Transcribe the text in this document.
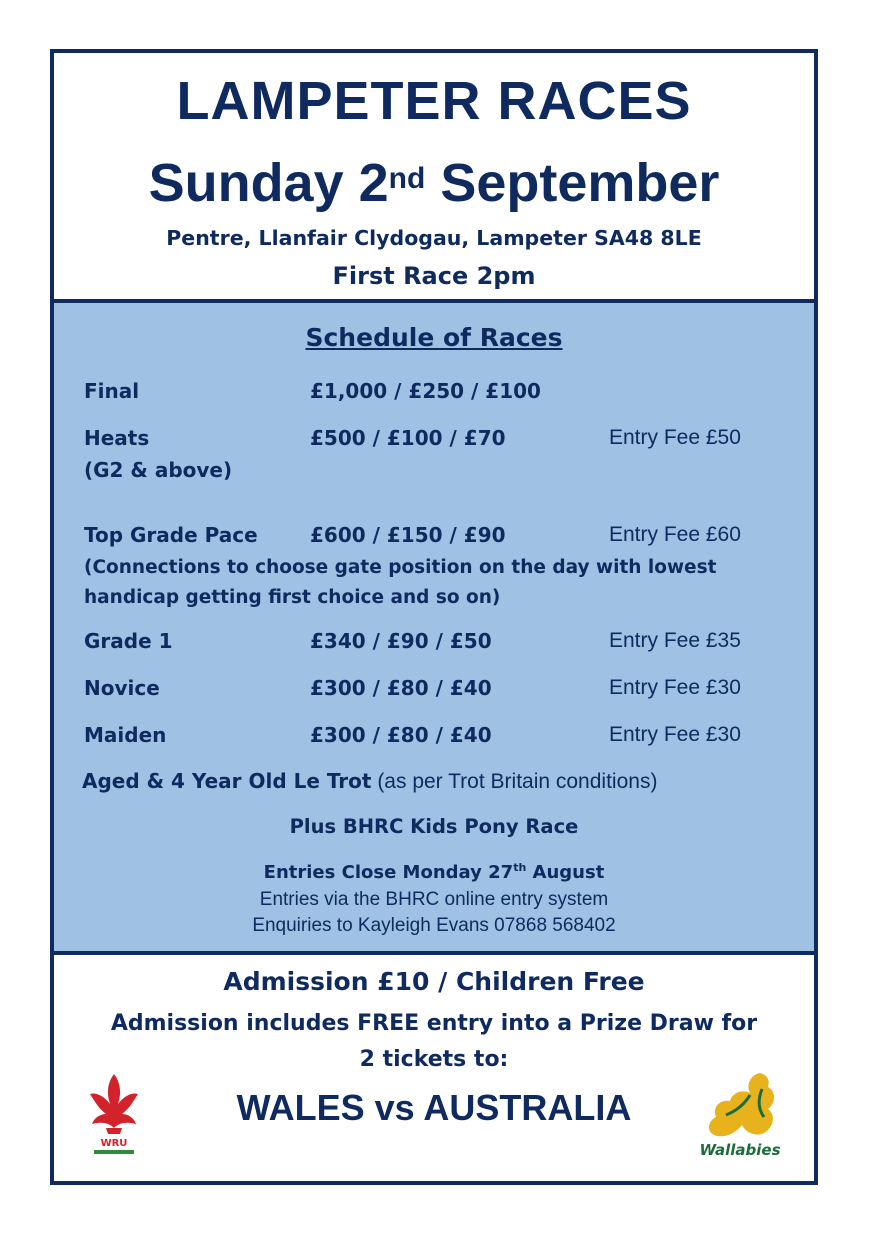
LAMPETER RACES
Sunday 2nd September
Pentre, Llanfair Clydogau, Lampeter SA48 8LE
First Race 2pm
Schedule of Races
Final	£1,000 / £250 / £100
Heats	£500 / £100 / £70	Entry Fee £50
(G2 & above)
Top Grade Pace	£600 / £150 / £90	Entry Fee £60
(Connections to choose gate position on the day with lowest
handicap getting first choice and so on)
Grade 1	£340 / £90 / £50	Entry Fee £35
Novice	£300 / £80 / £40	Entry Fee £30
Maiden	£300 / £80 / £40	Entry Fee £30
Aged & 4 Year Old Le Trot (as per Trot Britain conditions)
Plus BHRC Kids Pony Race
Entries Close Monday 27th August
Entries via the BHRC online entry system
Enquiries to Kayleigh Evans 07868 568402
Admission £10 / Children Free
Admission includes FREE entry into a Prize Draw for
2 tickets to:
WALES vs AUSTRALIA
WRU	Wallabies
